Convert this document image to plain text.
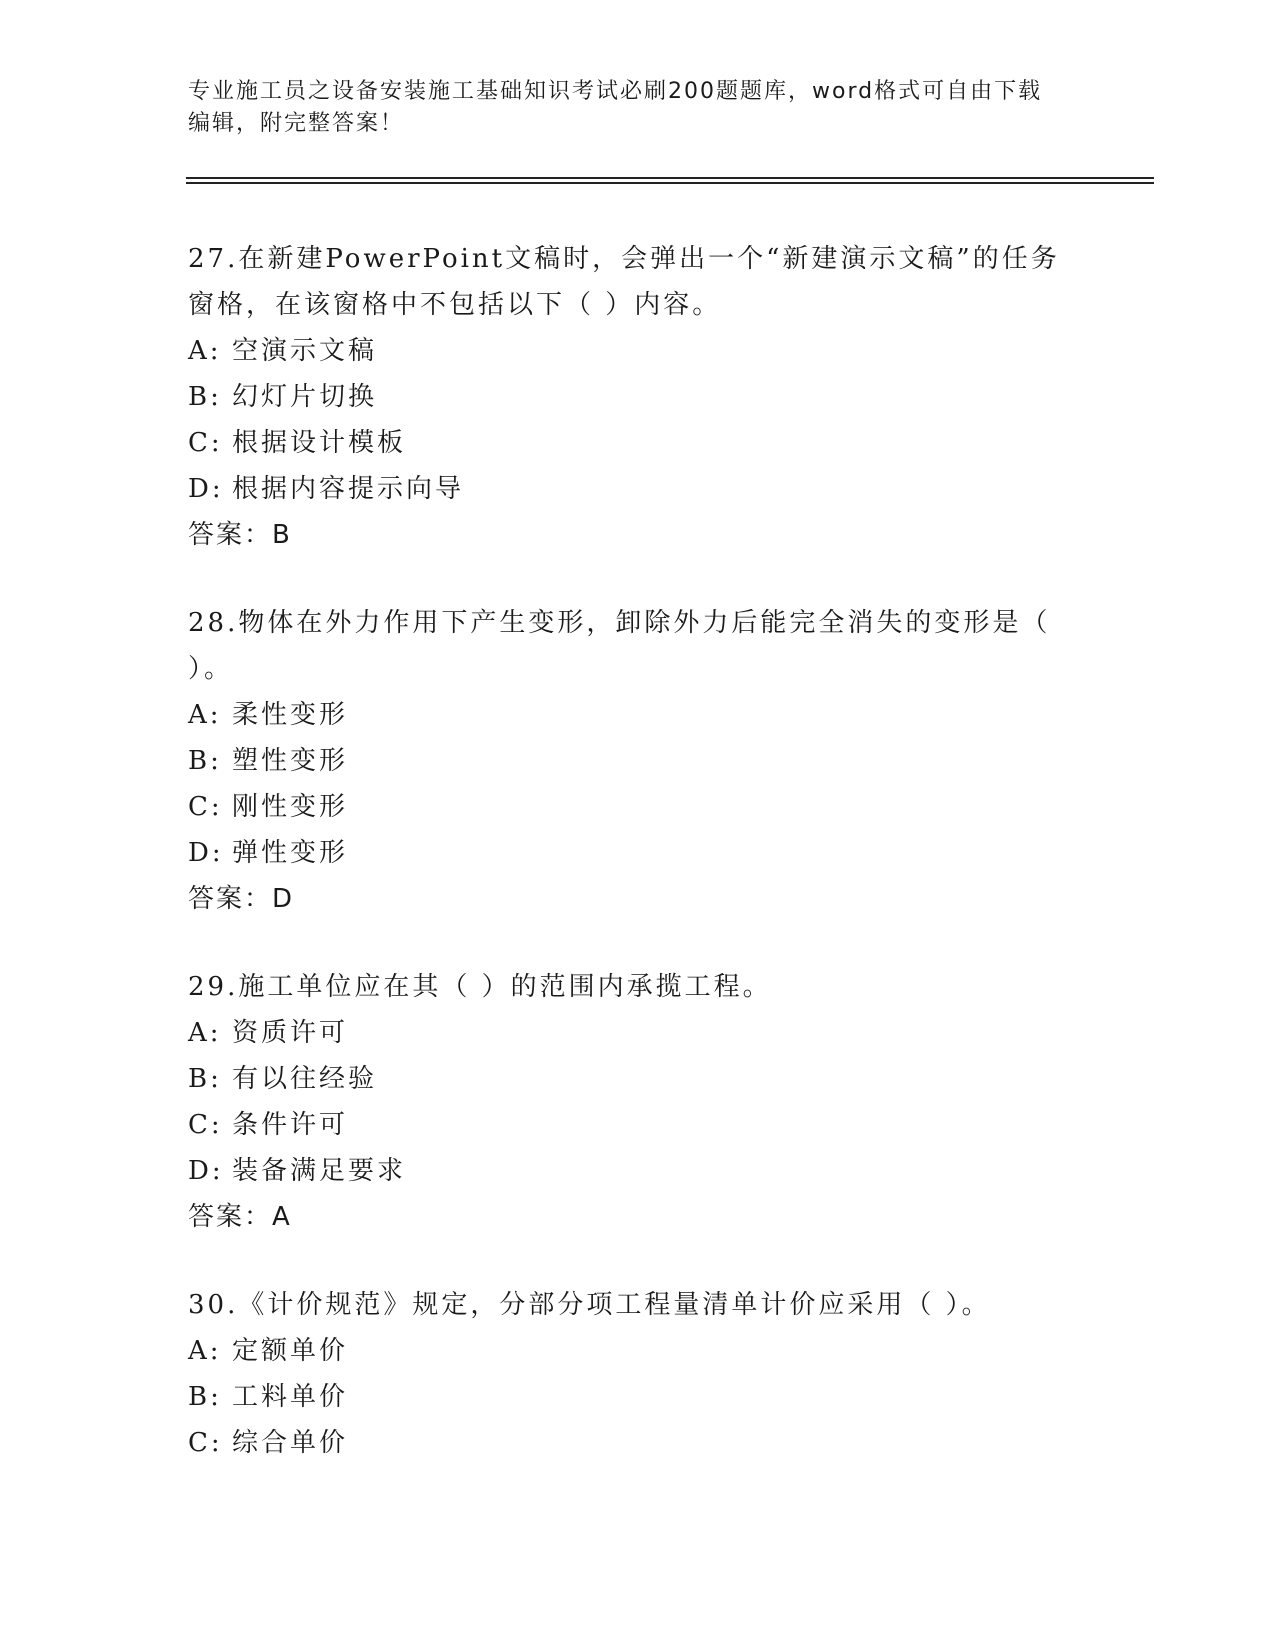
专业施工员之设备安装施工基础知识考试必刷200题题库，word格式可自由下载
编辑，附完整答案！

27.在新建PowerPoint文稿时，会弹出一个“新建演示文稿”的任务

窗格，在该窗格中不包括以下（ ）内容。

A: 空演示文稿

B: 幻灯片切换

C: 根据设计模板

D: 根据内容提示向导

答案：B

28.物体在外力作用下产生变形，卸除外力后能完全消失的变形是（

）。

A: 柔性变形

B: 塑性变形

C: 刚性变形

D: 弹性变形

答案：D

29.施工单位应在其（ ）的范围内承揽工程。

A: 资质许可

B: 有以往经验

C: 条件许可

D: 装备满足要求

答案：A

30.《计价规范》规定，分部分项工程量清单计价应采用（ ）。

A: 定额单价

B: 工料单价

C: 综合单价
